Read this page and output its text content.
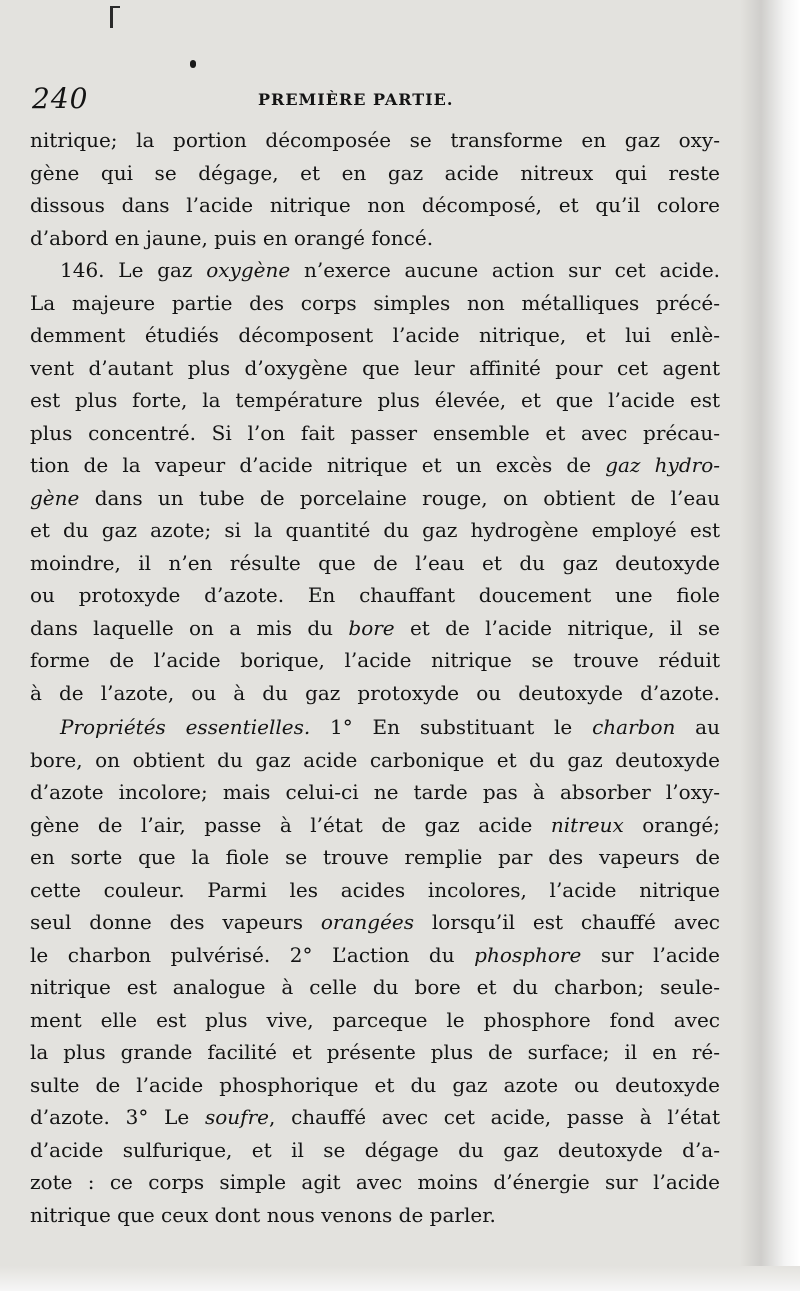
240	PREMIÈRE PARTIE.
nitrique; la portion décomposée se transforme en gaz oxy-
gène qui se dégage, et en gaz acide nitreux qui reste
dissous dans l’acide nitrique non décomposé, et qu’il colore
d’abord en jaune, puis en orangé foncé.
146. Le gaz oxygène n’exerce aucune action sur cet acide.
La majeure partie des corps simples non métalliques précé-
demment étudiés décomposent l’acide nitrique, et lui enlè-
vent d’autant plus d’oxygène que leur affinité pour cet agent
est plus forte, la température plus élevée, et que l’acide est
plus concentré. Si l’on fait passer ensemble et avec précau-
tion de la vapeur d’acide nitrique et un excès de gaz hydro-
gène dans un tube de porcelaine rouge, on obtient de l’eau
et du gaz azote; si la quantité du gaz hydrogène employé est
moindre, il n’en résulte que de l’eau et du gaz deutoxyde
ou protoxyde d’azote. En chauffant doucement une fiole
dans laquelle on a mis du bore et de l’acide nitrique, il se
forme de l’acide borique, l’acide nitrique se trouve réduit
à de l’azote, ou à du gaz protoxyde ou deutoxyde d’azote.
Propriétés essentielles. 1° En substituant le charbon au
bore, on obtient du gaz acide carbonique et du gaz deutoxyde
d’azote incolore; mais celui-ci ne tarde pas à absorber l’oxy-
gène de l’air, passe à l’état de gaz acide nitreux orangé;
en sorte que la fiole se trouve remplie par des vapeurs de
cette couleur. Parmi les acides incolores, l’acide nitrique
seul donne des vapeurs orangées lorsqu’il est chauffé avec
le charbon pulvérisé. 2° L’action du phosphore sur l’acide
nitrique est analogue à celle du bore et du charbon; seule-
ment elle est plus vive, parceque le phosphore fond avec
la plus grande facilité et présente plus de surface; il en ré-
sulte de l’acide phosphorique et du gaz azote ou deutoxyde
d’azote. 3° Le soufre, chauffé avec cet acide, passe à l’état
d’acide sulfurique, et il se dégage du gaz deutoxyde d’a-
zote : ce corps simple agit avec moins d’énergie sur l’acide
nitrique que ceux dont nous venons de parler.
